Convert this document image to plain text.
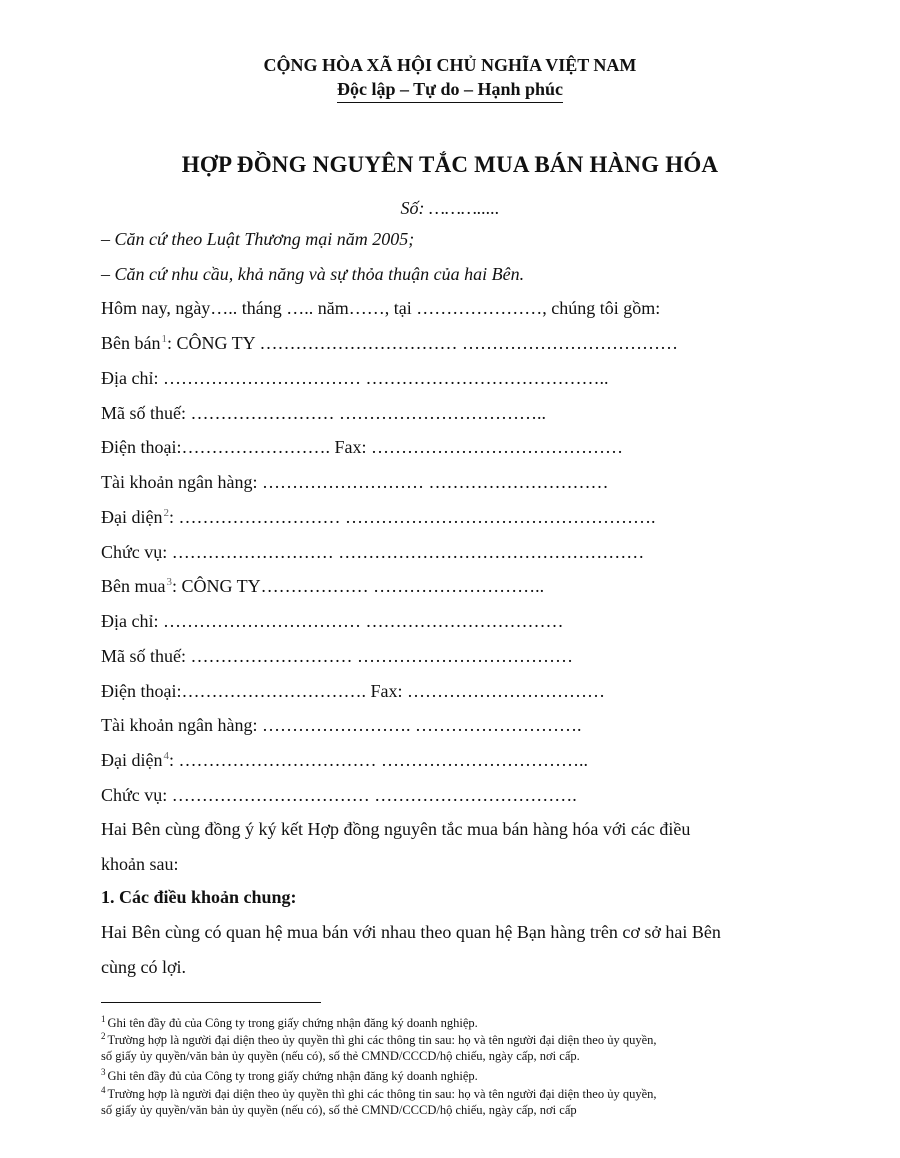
CỘNG HÒA XÃ HỘI CHỦ NGHĨA VIỆT NAM
Độc lập – Tự do – Hạnh phúc
HỢP ĐỒNG NGUYÊN TẮC MUA BÁN HÀNG HÓA
Số: ……….....
– Căn cứ theo Luật Thương mại năm 2005;
– Căn cứ nhu cầu, khả năng và sự thỏa thuận của hai Bên.
Hôm nay, ngày….. tháng ….. năm……, tại …………………, chúng tôi gồm:
Bên bán$^1$: CÔNG TY …………………………… ………………………………
Địa chỉ: …………………………… …………………………………..
Mã số thuế: …………………… ……………………………..
Điện thoại:……………………. Fax: ……………………………………
Tài khoản ngân hàng: ……………………… …………………………
Đại diện$^2$: ……………………… …………………………………………….
Chức vụ: ……………………… ……………………………………………
Bên mua$^3$: CÔNG TY……………… ………………………..
Địa chỉ: …………………………… ……………………………
Mã số thuế: ……………………… ………………………………
Điện thoại:…………………………. Fax: ……………………………
Tài khoản ngân hàng: ……………………. ……………………….
Đại diện$^4$: …………………………… ……………………………..
Chức vụ: …………………………… …………………………….
Hai Bên cùng đồng ý ký kết Hợp đồng nguyên tắc mua bán hàng hóa với các điều
khoản sau:
1. Các điều khoản chung:
Hai Bên cùng có quan hệ mua bán với nhau theo quan hệ Bạn hàng trên cơ sở hai Bên
cùng có lợi.
$^1$ Ghi tên đầy đủ của Công ty trong giấy chứng nhận đăng ký doanh nghiệp.
$^2$ Trường hợp là người đại diện theo ủy quyền thì ghi các thông tin sau: họ và tên người đại diện theo ủy quyền,
số giấy ủy quyền/văn bản ủy quyền (nếu có), số thẻ CMND/CCCD/hộ chiếu, ngày cấp, nơi cấp.
$^3$ Ghi tên đầy đủ của Công ty trong giấy chứng nhận đăng ký doanh nghiệp.
$^4$ Trường hợp là người đại diện theo ủy quyền thì ghi các thông tin sau: họ và tên người đại diện theo ủy quyền,
số giấy ủy quyền/văn bản ủy quyền (nếu có), số thẻ CMND/CCCD/hộ chiếu, ngày cấp, nơi cấp
